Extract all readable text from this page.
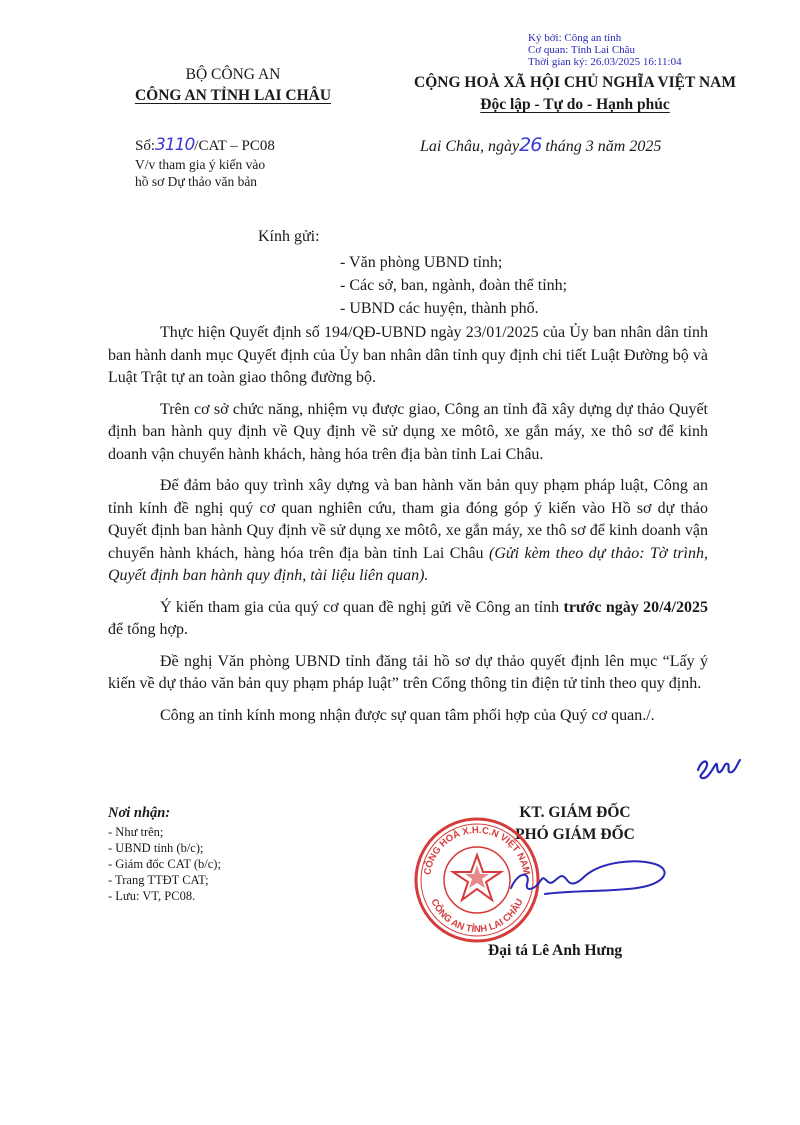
Ký bởi: Công an tỉnh
Cơ quan: Tỉnh Lai Châu
Thời gian ký: 26.03/2025 16:11:04
BỘ CÔNG AN
CÔNG AN TỈNH LAI CHÂU
CỘNG HOÀ XÃ HỘI CHỦ NGHĨA VIỆT NAM
Độc lập - Tự do - Hạnh phúc
Số:3110/CAT – PC08
V/v tham gia ý kiến vào
hồ sơ Dự thảo văn bản
Lai Châu, ngày26 tháng 3 năm 2025
Kính gửi:
- Văn phòng UBND tỉnh;
- Các sở, ban, ngành, đoàn thể tỉnh;
- UBND các huyện, thành phố.

Thực hiện Quyết định số 194/QĐ-UBND ngày 23/01/2025 của Ủy ban nhân dân tỉnh ban hành danh mục Quyết định của Ủy ban nhân dân tỉnh quy định chi tiết Luật Đường bộ và Luật Trật tự an toàn giao thông đường bộ.

Trên cơ sở chức năng, nhiệm vụ được giao, Công an tỉnh đã xây dựng dự thảo Quyết định ban hành quy định về Quy định về sử dụng xe môtô, xe gắn máy, xe thô sơ để kinh doanh vận chuyển hành khách, hàng hóa trên địa bàn tỉnh Lai Châu.

Để đảm bảo quy trình xây dựng và ban hành văn bản quy phạm pháp luật, Công an tỉnh kính đề nghị quý cơ quan nghiên cứu, tham gia đóng góp ý kiến vào Hồ sơ dự thảo Quyết định ban hành Quy định về sử dụng xe môtô, xe gắn máy, xe thô sơ để kinh doanh vận chuyển hành khách, hàng hóa trên địa bàn tỉnh Lai Châu (Gửi kèm theo dự thảo: Tờ trình, Quyết định ban hành quy định, tài liệu liên quan).

Ý kiến tham gia của quý cơ quan đề nghị gửi về Công an tỉnh trước ngày 20/4/2025 để tổng hợp.

Đề nghị Văn phòng UBND tỉnh đăng tải hồ sơ dự thảo quyết định lên mục “Lấy ý kiến về dự thảo văn bản quy phạm pháp luật” trên Cổng thông tin điện tử tỉnh theo quy định.

Công an tỉnh kính mong nhận được sự quan tâm phối hợp của Quý cơ quan./.

Nơi nhận:
- Như trên;
- UBND tỉnh (b/c);
- Giám đốc CAT (b/c);
- Trang TTĐT CAT;
- Lưu: VT, PC08.
KT. GIÁM ĐỐC
PHÓ GIÁM ĐỐC
CÔNG HOÀ X.H.C.N VIỆT NAM
CÔNG AN TỈNH LAI CHÂU
Đại tá Lê Anh Hưng
